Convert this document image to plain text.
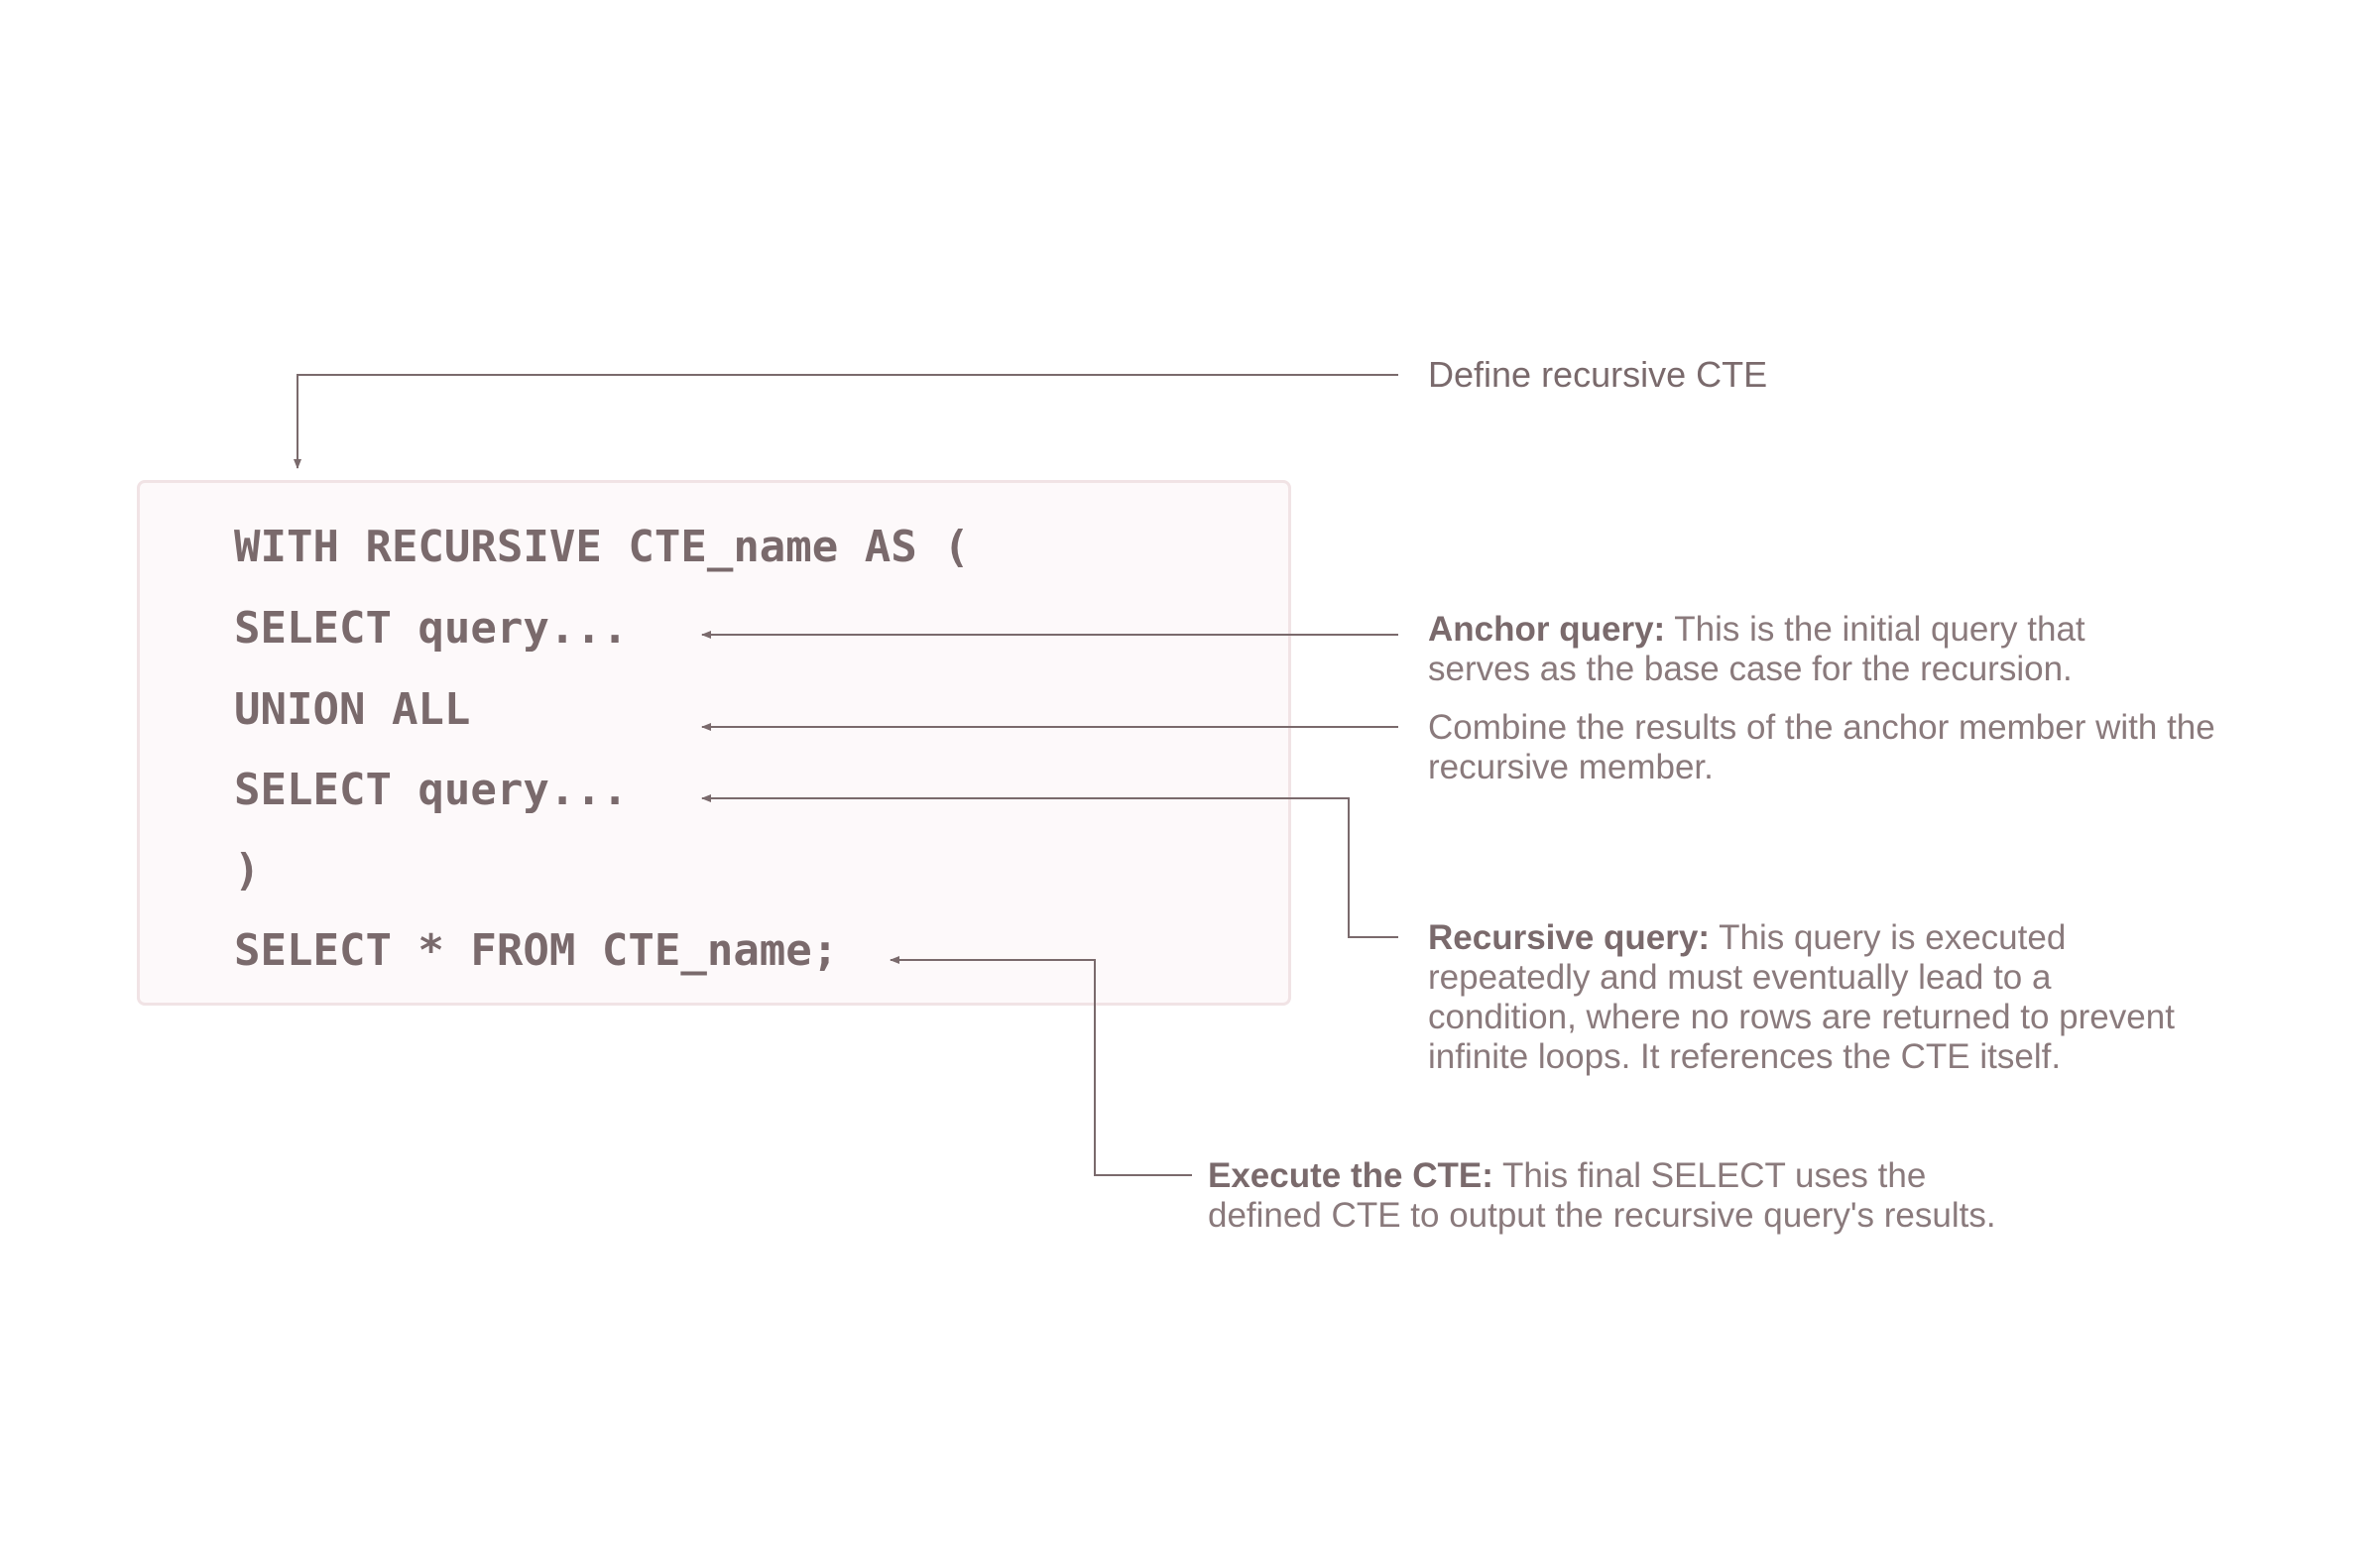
WITH RECURSIVE CTE_name AS (
SELECT query...
UNION ALL
SELECT query...
)
SELECT * FROM CTE_name;
Define recursive CTE
Anchor query: This is the initial query that serves as the base case for the recursion.
Combine the results of the anchor member with the recursive member.
Recursive query: This query is executed repeatedly and must eventually lead to a condition, where no rows are returned to prevent infinite loops. It references the CTE itself.
Execute the CTE: This final SELECT uses the defined CTE to output the recursive query's results.
